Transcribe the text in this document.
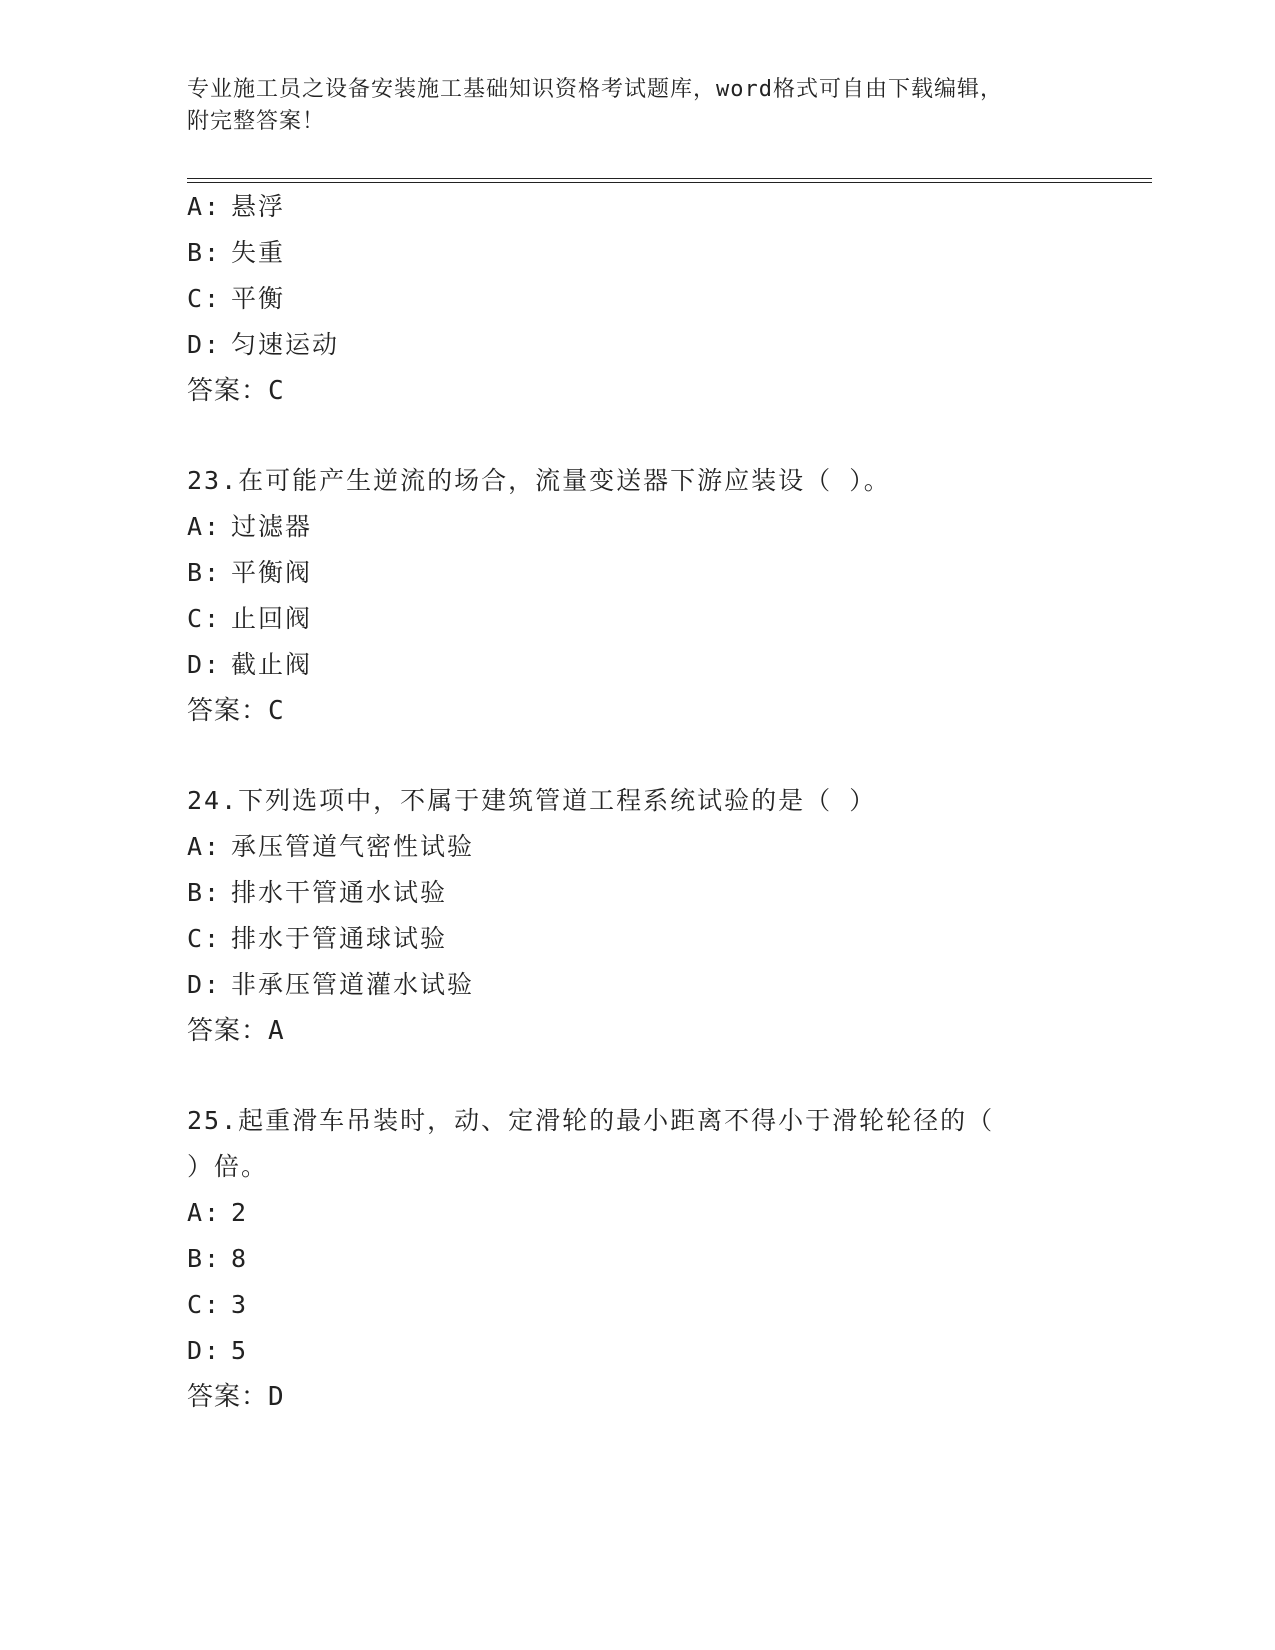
专业施工员之设备安装施工基础知识资格考试题库，word格式可自由下载编辑，
附完整答案！
A: 悬浮
B: 失重
C: 平衡
D: 匀速运动
答案：C
23.在可能产生逆流的场合，流量变送器下游应装设（ ）。
A: 过滤器
B: 平衡阀
C: 止回阀
D: 截止阀
答案：C
24.下列选项中，不属于建筑管道工程系统试验的是（ ）
A: 承压管道气密性试验
B: 排水干管通水试验
C: 排水于管通球试验
D: 非承压管道灌水试验
答案：A
25.起重滑车吊装时，动、定滑轮的最小距离不得小于滑轮轮径的（
）倍。
A: 2
B: 8
C: 3
D: 5
答案：D
